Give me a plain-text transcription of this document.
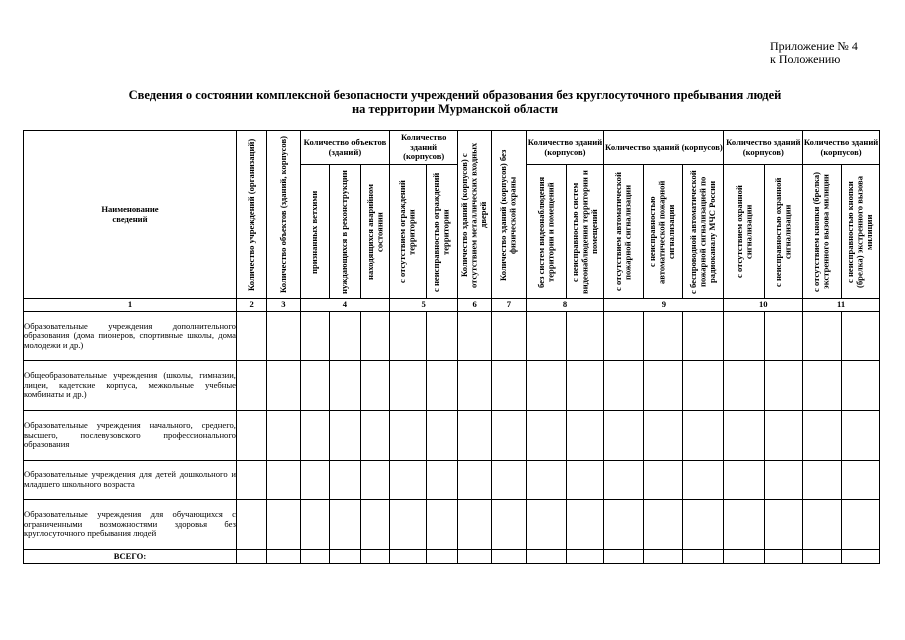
Приложение № 4
к Положению
Сведения о состоянии комплексной безопасности учреждений образования без круглосуточного пребывания людей
на территории Мурманской области
Наименование сведений	Количество учреждений (организаций)	Количество объектов (зданий, корпусов)	Количество объектов (зданий)			Количество зданий (корпусов)		Количество зданий (корпусов) с отсутствием металлических входных дверей	Количество зданий (корпусов) без физической охраны	Количество зданий (корпусов)		Количество зданий (корпусов)			Количество зданий (корпусов)		Количество зданий (корпусов)	

			признанных ветхими	нуждающихся в реконструкции	находящихся аварийном состоянии	с отсутствием ограждений территории	с неисправностью ограждений территории			без систем видеонаблюдения территории и помещений	с неисправностью систем видеонаблюдения территории и помещений	с отсутствием автоматической пожарной сигнализации	с неисправностью автоматической пожарной сигнализации	с беспроводной автоматической пожарной сигнализацией по радиоканалу МЧС России	с отсутствием охранной сигнализации	с неисправностью охранной сигнализации	с отсутствием кнопки (брелка) экстренного вызова милиции	с неисправностью кнопки (брелка) экстренного вызова милиции

1	2	3	4			5		6	7	8		9			10		11	
Образовательные учреждения дополнительного образования (дома пионеров, спортивные школы, дома молодежи и др.)																		
Общеобразовательные учреждения (школы, гимназии, лицеи, кадетские корпуса, межкольные учебные комбинаты и др.)																		
Образовательные учреждения начального, среднего, высшего, послевузовского профессионального образования																		
Образовательные учреждения для детей дошкольного и младшего школьного возраста																		
Образовательные учреждения для обучающихся с ограниченными возможностями здоровья без круглосуточного пребывания людей																		
ВСЕГО:																		
